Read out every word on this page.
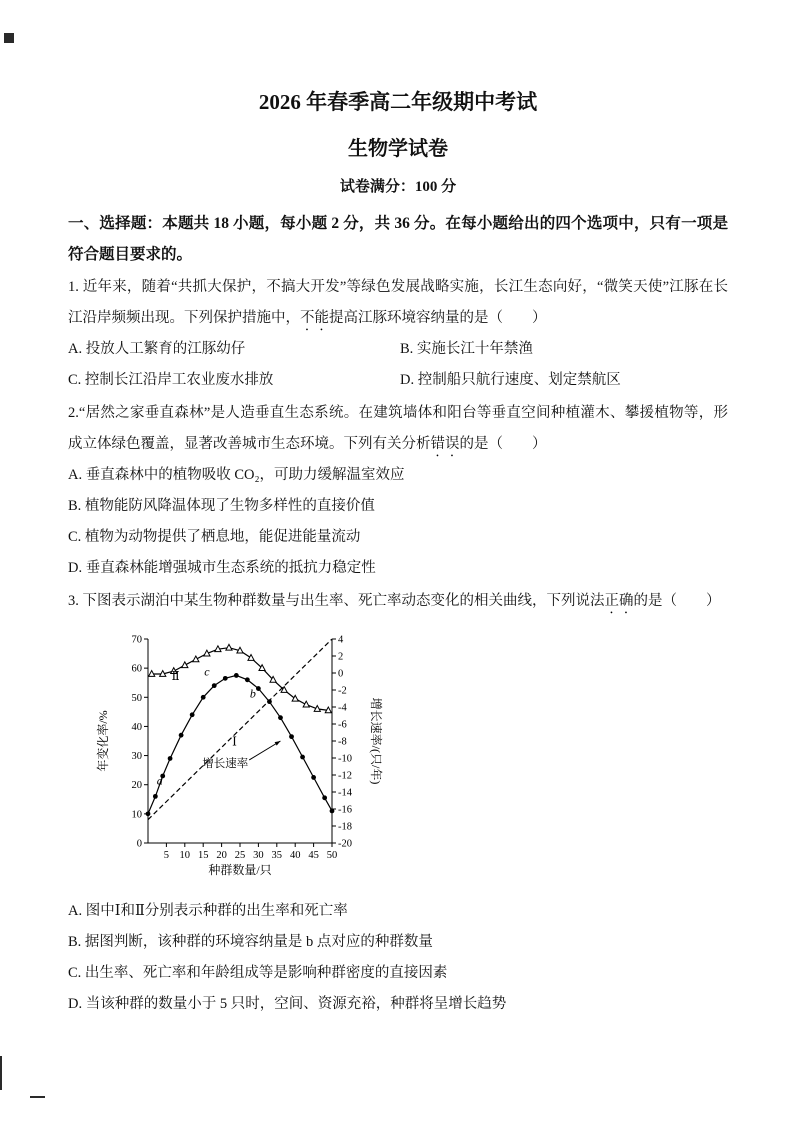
2026 年春季高二年级期中考试
生物学试卷
试卷满分：100 分

一、选择题：本题共 18 小题，每小题 2 分，共 36 分。在每小题给出的四个选项中，只有一项是符合题目要求的。

1. 近年来，随着“共抓大保护，不搞大开发”等绿色发展战略实施，长江生态向好，“微笑天使”江豚在长江沿岸频频出现。下列保护措施中，不能提高江豚环境容纳量的是（　　）

A. 投放人工繁育的江豚幼仔	B. 实施长江十年禁渔
C. 控制长江沿岸工农业废水排放	D. 控制船只航行速度、划定禁航区

2.“居然之家垂直森林”是人造垂直生态系统。在建筑墙体和阳台等垂直空间种植灌木、攀援植物等，形成立体绿色覆盖，显著改善城市生态环境。下列有关分析错误的是（　　）

A. 垂直森林中的植物吸收 CO₂，可助力缓解温室效应
B. 植物能防风降温体现了生物多样性的直接价值
C. 植物为动物提供了栖息地，能促进能量流动
D. 垂直森林能增强城市生态系统的抵抗力稳定性

3. 下图表示湖泊中某生物种群数量与出生率、死亡率动态变化的相关曲线，下列说法正确的是（　　）

0
10
20
30
40
50
60
70	4
2
0
-2
-4
-6
-8
-10
-12
-14
-16
-18
-20
5 10 15 20 25 30 35 40 45 50
种群数量/只
年变化率/%	增长速率/(只/年)
a
b
c
Ⅰ
Ⅱ
增长速率
A. 图中Ⅰ和Ⅱ分别表示种群的出生率和死亡率
B. 据图判断，该种群的环境容纳量是 b 点对应的种群数量
C. 出生率、死亡率和年龄组成等是影响种群密度的直接因素
D. 当该种群的数量小于 5 只时，空间、资源充裕，种群将呈增长趋势
